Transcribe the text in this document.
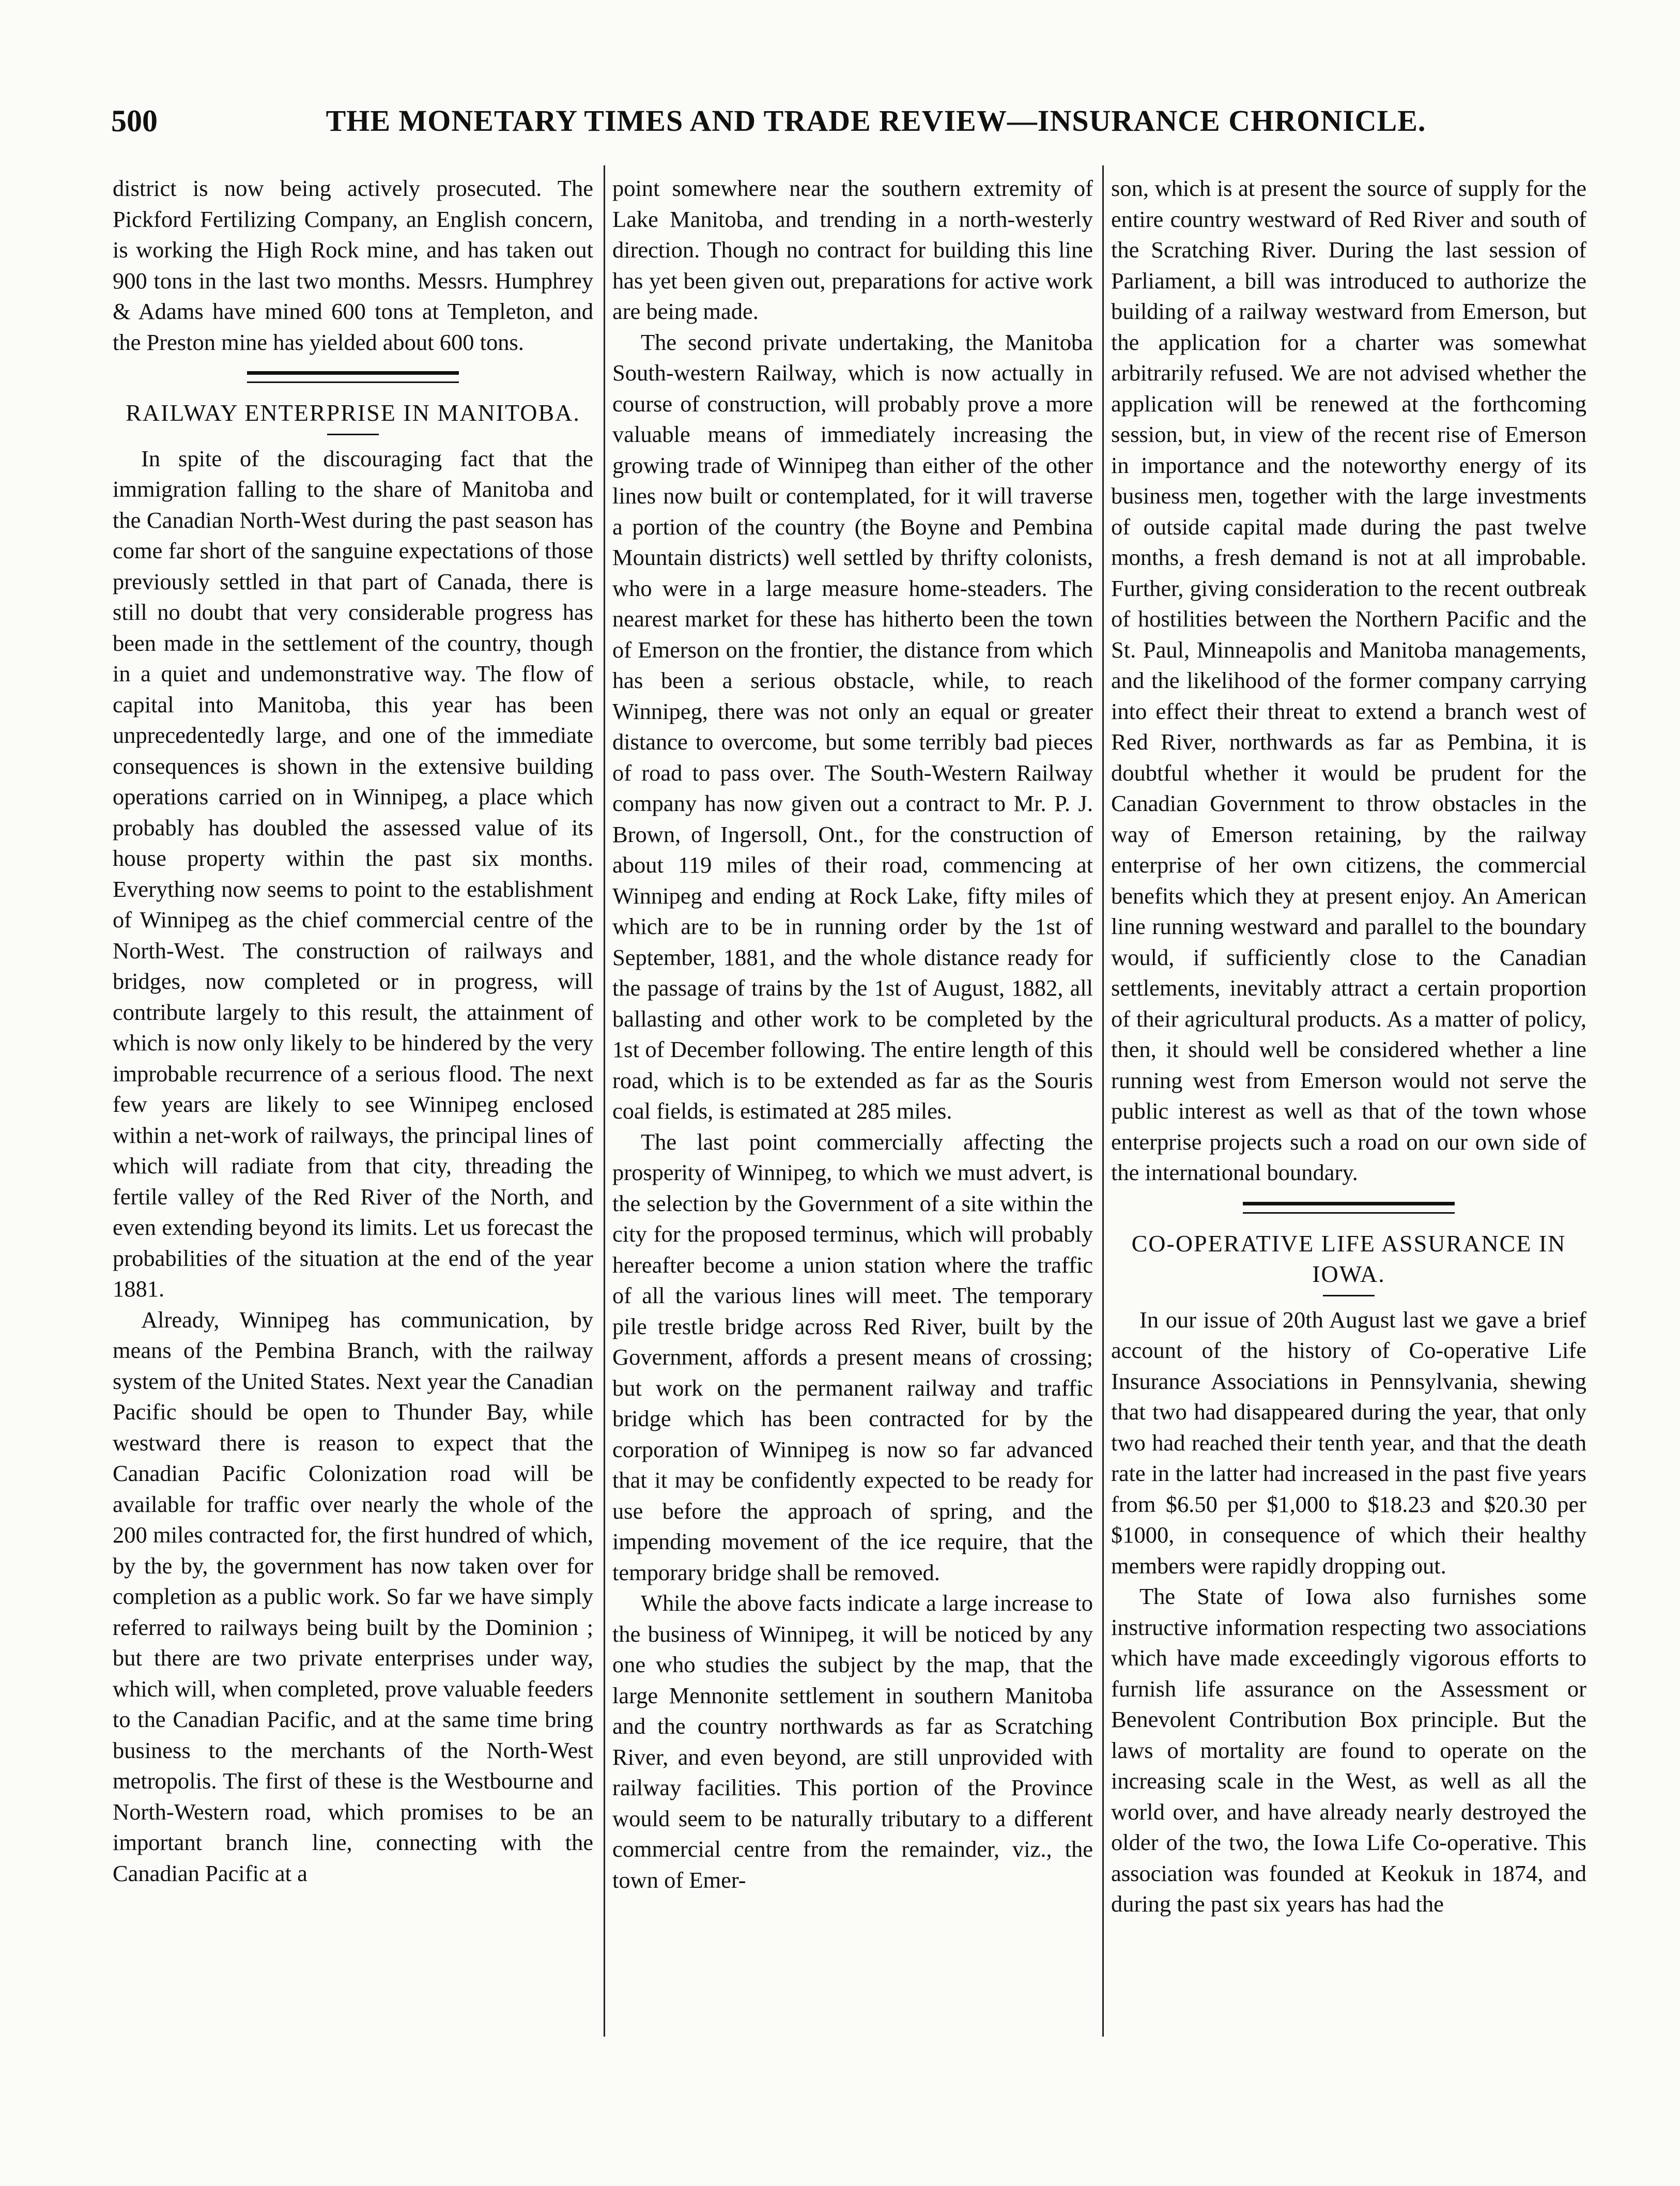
500	THE MONETARY TIMES AND TRADE REVIEW—INSURANCE CHRONICLE.

district is now being actively prosecuted. The Pickford Fertilizing Company, an English concern, is working the High Rock mine, and has taken out 900 tons in the last two months. Messrs. Humphrey & Adams have mined 600 tons at Templeton, and the Preston mine has yielded about 600 tons.

RAILWAY ENTERPRISE IN MANITOBA.

In spite of the discouraging fact that the immigration falling to the share of Manitoba and the Canadian North-West during the past season has come far short of the sanguine expectations of those previously settled in that part of Canada, there is still no doubt that very considerable progress has been made in the settlement of the country, though in a quiet and undemonstrative way. The flow of capital into Manitoba, this year has been unprecedentedly large, and one of the immediate consequences is shown in the extensive building operations carried on in Winnipeg, a place which probably has doubled the assessed value of its house property within the past six months. Everything now seems to point to the establishment of Winnipeg as the chief commercial centre of the North-West. The construction of railways and bridges, now completed or in progress, will contribute largely to this result, the attainment of which is now only likely to be hindered by the very improbable recurrence of a serious flood. The next few years are likely to see Winnipeg enclosed within a net-work of railways, the principal lines of which will radiate from that city, threading the fertile valley of the Red River of the North, and even extending beyond its limits. Let us forecast the probabilities of the situation at the end of the year 1881.

Already, Winnipeg has communication, by means of the Pembina Branch, with the railway system of the United States. Next year the Canadian Pacific should be open to Thunder Bay, while westward there is reason to expect that the Canadian Pacific Colonization road will be available for traffic over nearly the whole of the 200 miles contracted for, the first hundred of which, by the by, the government has now taken over for completion as a public work. So far we have simply referred to railways being built by the Dominion ; but there are two private enterprises under way, which will, when completed, prove valuable feeders to the Canadian Pacific, and at the same time bring business to the merchants of the North-West metropolis. The first of these is the Westbourne and North-Western road, which promises to be an important branch line, connecting with the Canadian Pacific at a

point somewhere near the southern extremity of Lake Manitoba, and trending in a north-westerly direction. Though no contract for building this line has yet been given out, preparations for active work are being made.

The second private undertaking, the Manitoba South-western Railway, which is now actually in course of construction, will probably prove a more valuable means of immediately increasing the growing trade of Winnipeg than either of the other lines now built or contemplated, for it will traverse a portion of the country (the Boyne and Pembina Mountain districts) well settled by thrifty colonists, who were in a large measure home-steaders. The nearest market for these has hitherto been the town of Emerson on the frontier, the distance from which has been a serious obstacle, while, to reach Winnipeg, there was not only an equal or greater distance to overcome, but some terribly bad pieces of road to pass over. The South-Western Railway company has now given out a contract to Mr. P. J. Brown, of Ingersoll, Ont., for the construction of about 119 miles of their road, commencing at Winnipeg and ending at Rock Lake, fifty miles of which are to be in running order by the 1st of September, 1881, and the whole distance ready for the passage of trains by the 1st of August, 1882, all ballasting and other work to be completed by the 1st of December following. The entire length of this road, which is to be extended as far as the Souris coal fields, is estimated at 285 miles.

The last point commercially affecting the prosperity of Winnipeg, to which we must advert, is the selection by the Government of a site within the city for the proposed terminus, which will probably hereafter become a union station where the traffic of all the various lines will meet. The temporary pile trestle bridge across Red River, built by the Government, affords a present means of crossing; but work on the permanent railway and traffic bridge which has been contracted for by the corporation of Winnipeg is now so far advanced that it may be confidently expected to be ready for use before the approach of spring, and the impending movement of the ice require, that the temporary bridge shall be removed.

While the above facts indicate a large increase to the business of Winnipeg, it will be noticed by any one who studies the subject by the map, that the large Mennonite settlement in southern Manitoba and the country northwards as far as Scratching River, and even beyond, are still unprovided with railway facilities. This portion of the Province would seem to be naturally tributary to a different commercial centre from the remainder, viz., the town of Emer-

son, which is at present the source of supply for the entire country westward of Red River and south of the Scratching River. During the last session of Parliament, a bill was introduced to authorize the building of a railway westward from Emerson, but the application for a charter was somewhat arbitrarily refused. We are not advised whether the application will be renewed at the forthcoming session, but, in view of the recent rise of Emerson in importance and the noteworthy energy of its business men, together with the large investments of outside capital made during the past twelve months, a fresh demand is not at all improbable. Further, giving consideration to the recent outbreak of hostilities between the Northern Pacific and the St. Paul, Minneapolis and Manitoba managements, and the likelihood of the former company carrying into effect their threat to extend a branch west of Red River, northwards as far as Pembina, it is doubtful whether it would be prudent for the Canadian Government to throw obstacles in the way of Emerson retaining, by the railway enterprise of her own citizens, the commercial benefits which they at present enjoy. An American line running westward and parallel to the boundary would, if sufficiently close to the Canadian settlements, inevitably attract a certain proportion of their agricultural products. As a matter of policy, then, it should well be considered whether a line running west from Emerson would not serve the public interest as well as that of the town whose enterprise projects such a road on our own side of the international boundary.

CO-OPERATIVE LIFE ASSURANCE IN IOWA.

In our issue of 20th August last we gave a brief account of the history of Co-operative Life Insurance Associations in Pennsylvania, shewing that two had disappeared during the year, that only two had reached their tenth year, and that the death rate in the latter had increased in the past five years from $6.50 per $1,000 to $18.23 and $20.30 per $1000, in consequence of which their healthy members were rapidly dropping out.

The State of Iowa also furnishes some instructive information respecting two associations which have made exceedingly vigorous efforts to furnish life assurance on the Assessment or Benevolent Contribution Box principle. But the laws of mortality are found to operate on the increasing scale in the West, as well as all the world over, and have already nearly destroyed the older of the two, the Iowa Life Co-operative. This association was founded at Keokuk in 1874, and during the past six years has had the
